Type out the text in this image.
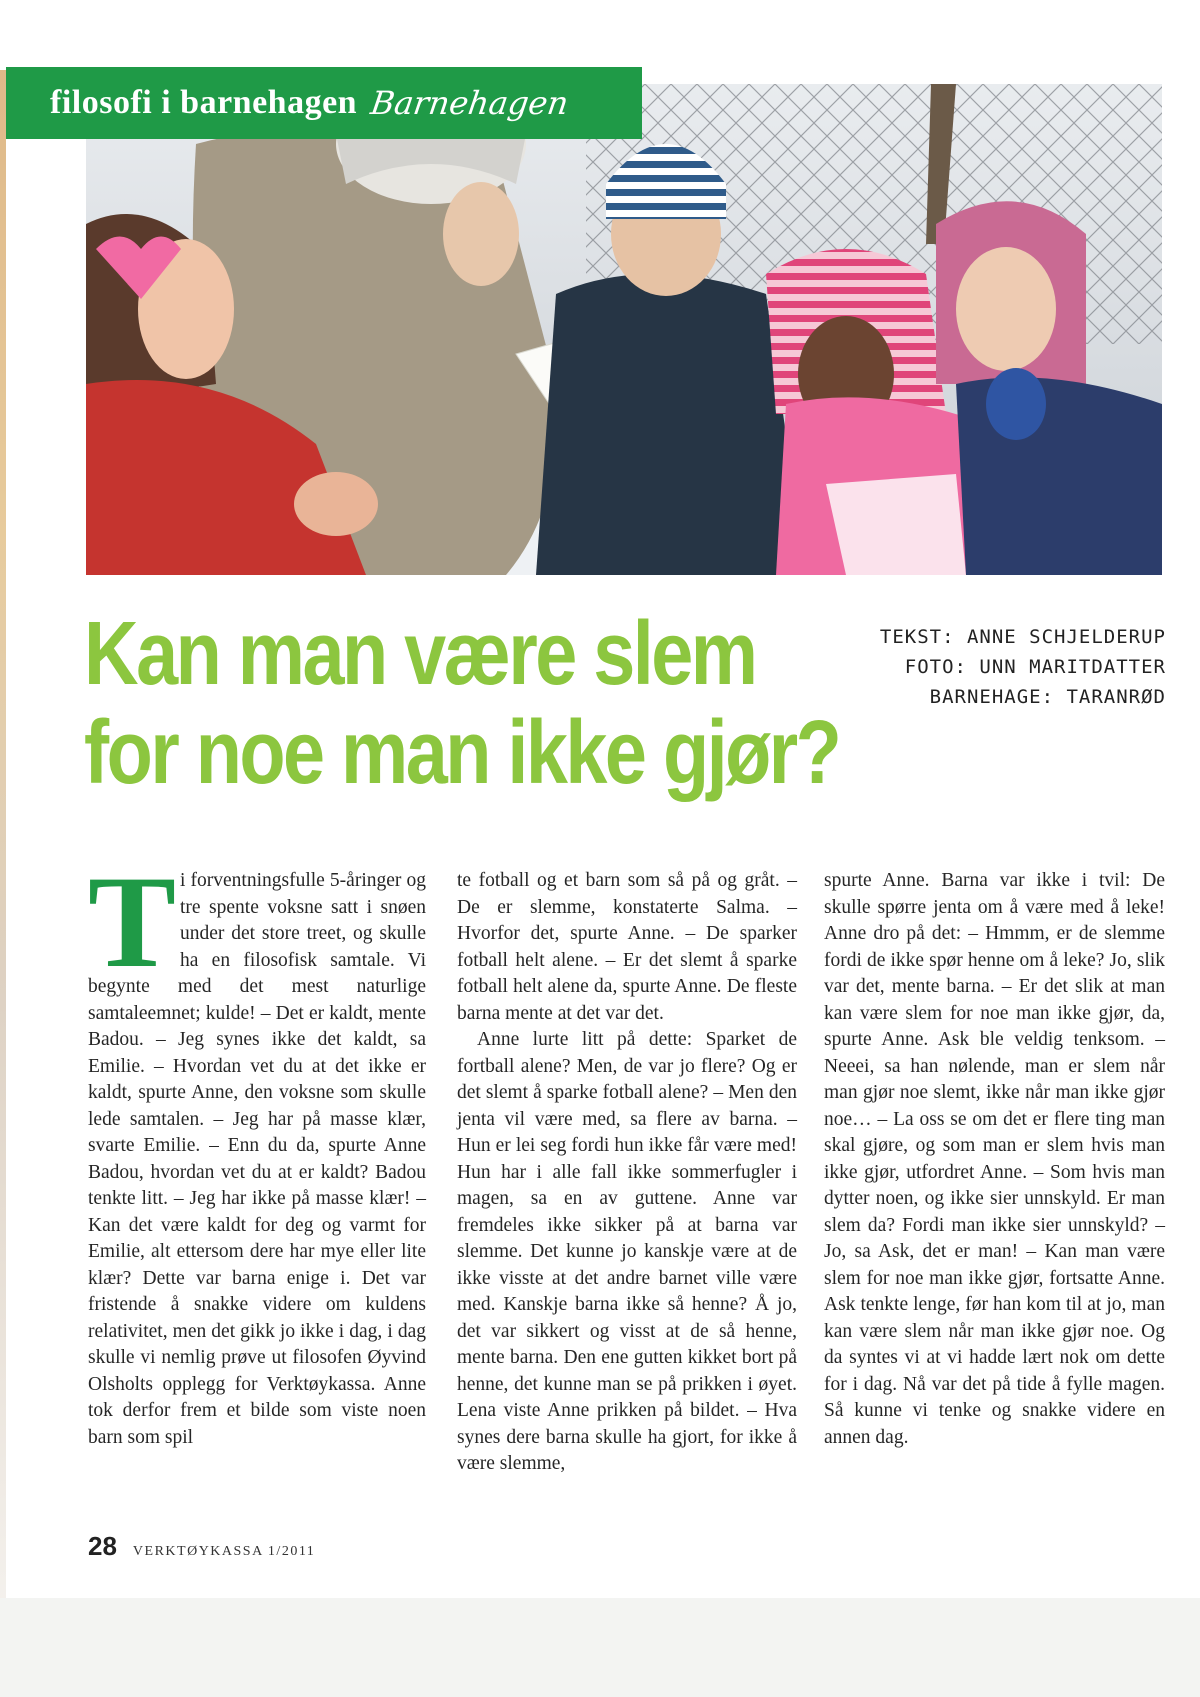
filosofi i barnehagen Barnehagen
Kan man være slem
for noe man ikke gjør?
TEKST: ANNE SCHJELDERUP
FOTO: UNN MARITDATTER
BARNEHAGE: TARANRØD
T i forventningsfulle 5-åringer og tre spente voksne satt i snøen under det store treet, og skulle ha en filosofisk samtale. Vi begynte med det mest naturlige samtaleemnet; kulde! – Det er kaldt, mente Badou. – Jeg synes ikke det kaldt, sa Emilie. – Hvordan vet du at det ikke er kaldt, spurte Anne, den voksne som skulle lede samtalen. – Jeg har på masse klær, svarte Emilie. – Enn du da, spurte Anne Badou, hvordan vet du at er kaldt? Badou tenkte litt. – Jeg har ikke på masse klær! – Kan det være kaldt for deg og varmt for Emilie, alt ettersom dere har mye eller lite klær? Dette var barna enige i. Det var fristende å snakke videre om kuldens relativitet, men det gikk jo ikke i dag, i dag skulle vi nemlig prøve ut filosofen Øyvind Olsholts opplegg for Verktøykassa. Anne tok derfor frem et bilde som viste noen barn som spil

te fotball og et barn som så på og gråt. – De er slemme, konstaterte Salma. – Hvorfor det, spurte Anne. – De sparker fotball helt alene. – Er det slemt å sparke fotball helt alene da, spurte Anne. De fleste barna mente at det var det.

Anne lurte litt på dette: Sparket de fortball alene? Men, de var jo flere? Og er det slemt å sparke fotball alene? – Men den jenta vil være med, sa flere av barna. – Hun er lei seg fordi hun ikke får være med! Hun har i alle fall ikke sommerfugler i magen, sa en av guttene. Anne var fremdeles ikke sikker på at barna var slemme. Det kunne jo kanskje være at de ikke visste at det andre barnet ville være med. Kanskje barna ikke så henne? Å jo, det var sikkert og visst at de så henne, mente barna. Den ene gutten kikket bort på henne, det kunne man se på prikken i øyet. Lena viste Anne prikken på bildet. – Hva synes dere barna skulle ha gjort, for ikke å være slemme,

spurte Anne. Barna var ikke i tvil: De skulle spørre jenta om å være med å leke! Anne dro på det: – Hmmm, er de slemme fordi de ikke spør henne om å leke? Jo, slik var det, mente barna. – Er det slik at man kan være slem for noe man ikke gjør, da, spurte Anne. Ask ble veldig tenksom. – Neeei, sa han nølende, man er slem når man gjør noe slemt, ikke når man ikke gjør noe… – La oss se om det er flere ting man skal gjøre, og som man er slem hvis man ikke gjør, utfordret Anne. – Som hvis man dytter noen, og ikke sier unnskyld. Er man slem da? Fordi man ikke sier unnskyld? – Jo, sa Ask, det er man! – Kan man være slem for noe man ikke gjør, fortsatte Anne. Ask tenkte lenge, før han kom til at jo, man kan være slem når man ikke gjør noe. Og da syntes vi at vi hadde lært nok om dette for i dag. Nå var det på tide å fylle magen. Så kunne vi tenke og snakke videre en annen dag.

28 VERKTØYKASSA 1/2011
